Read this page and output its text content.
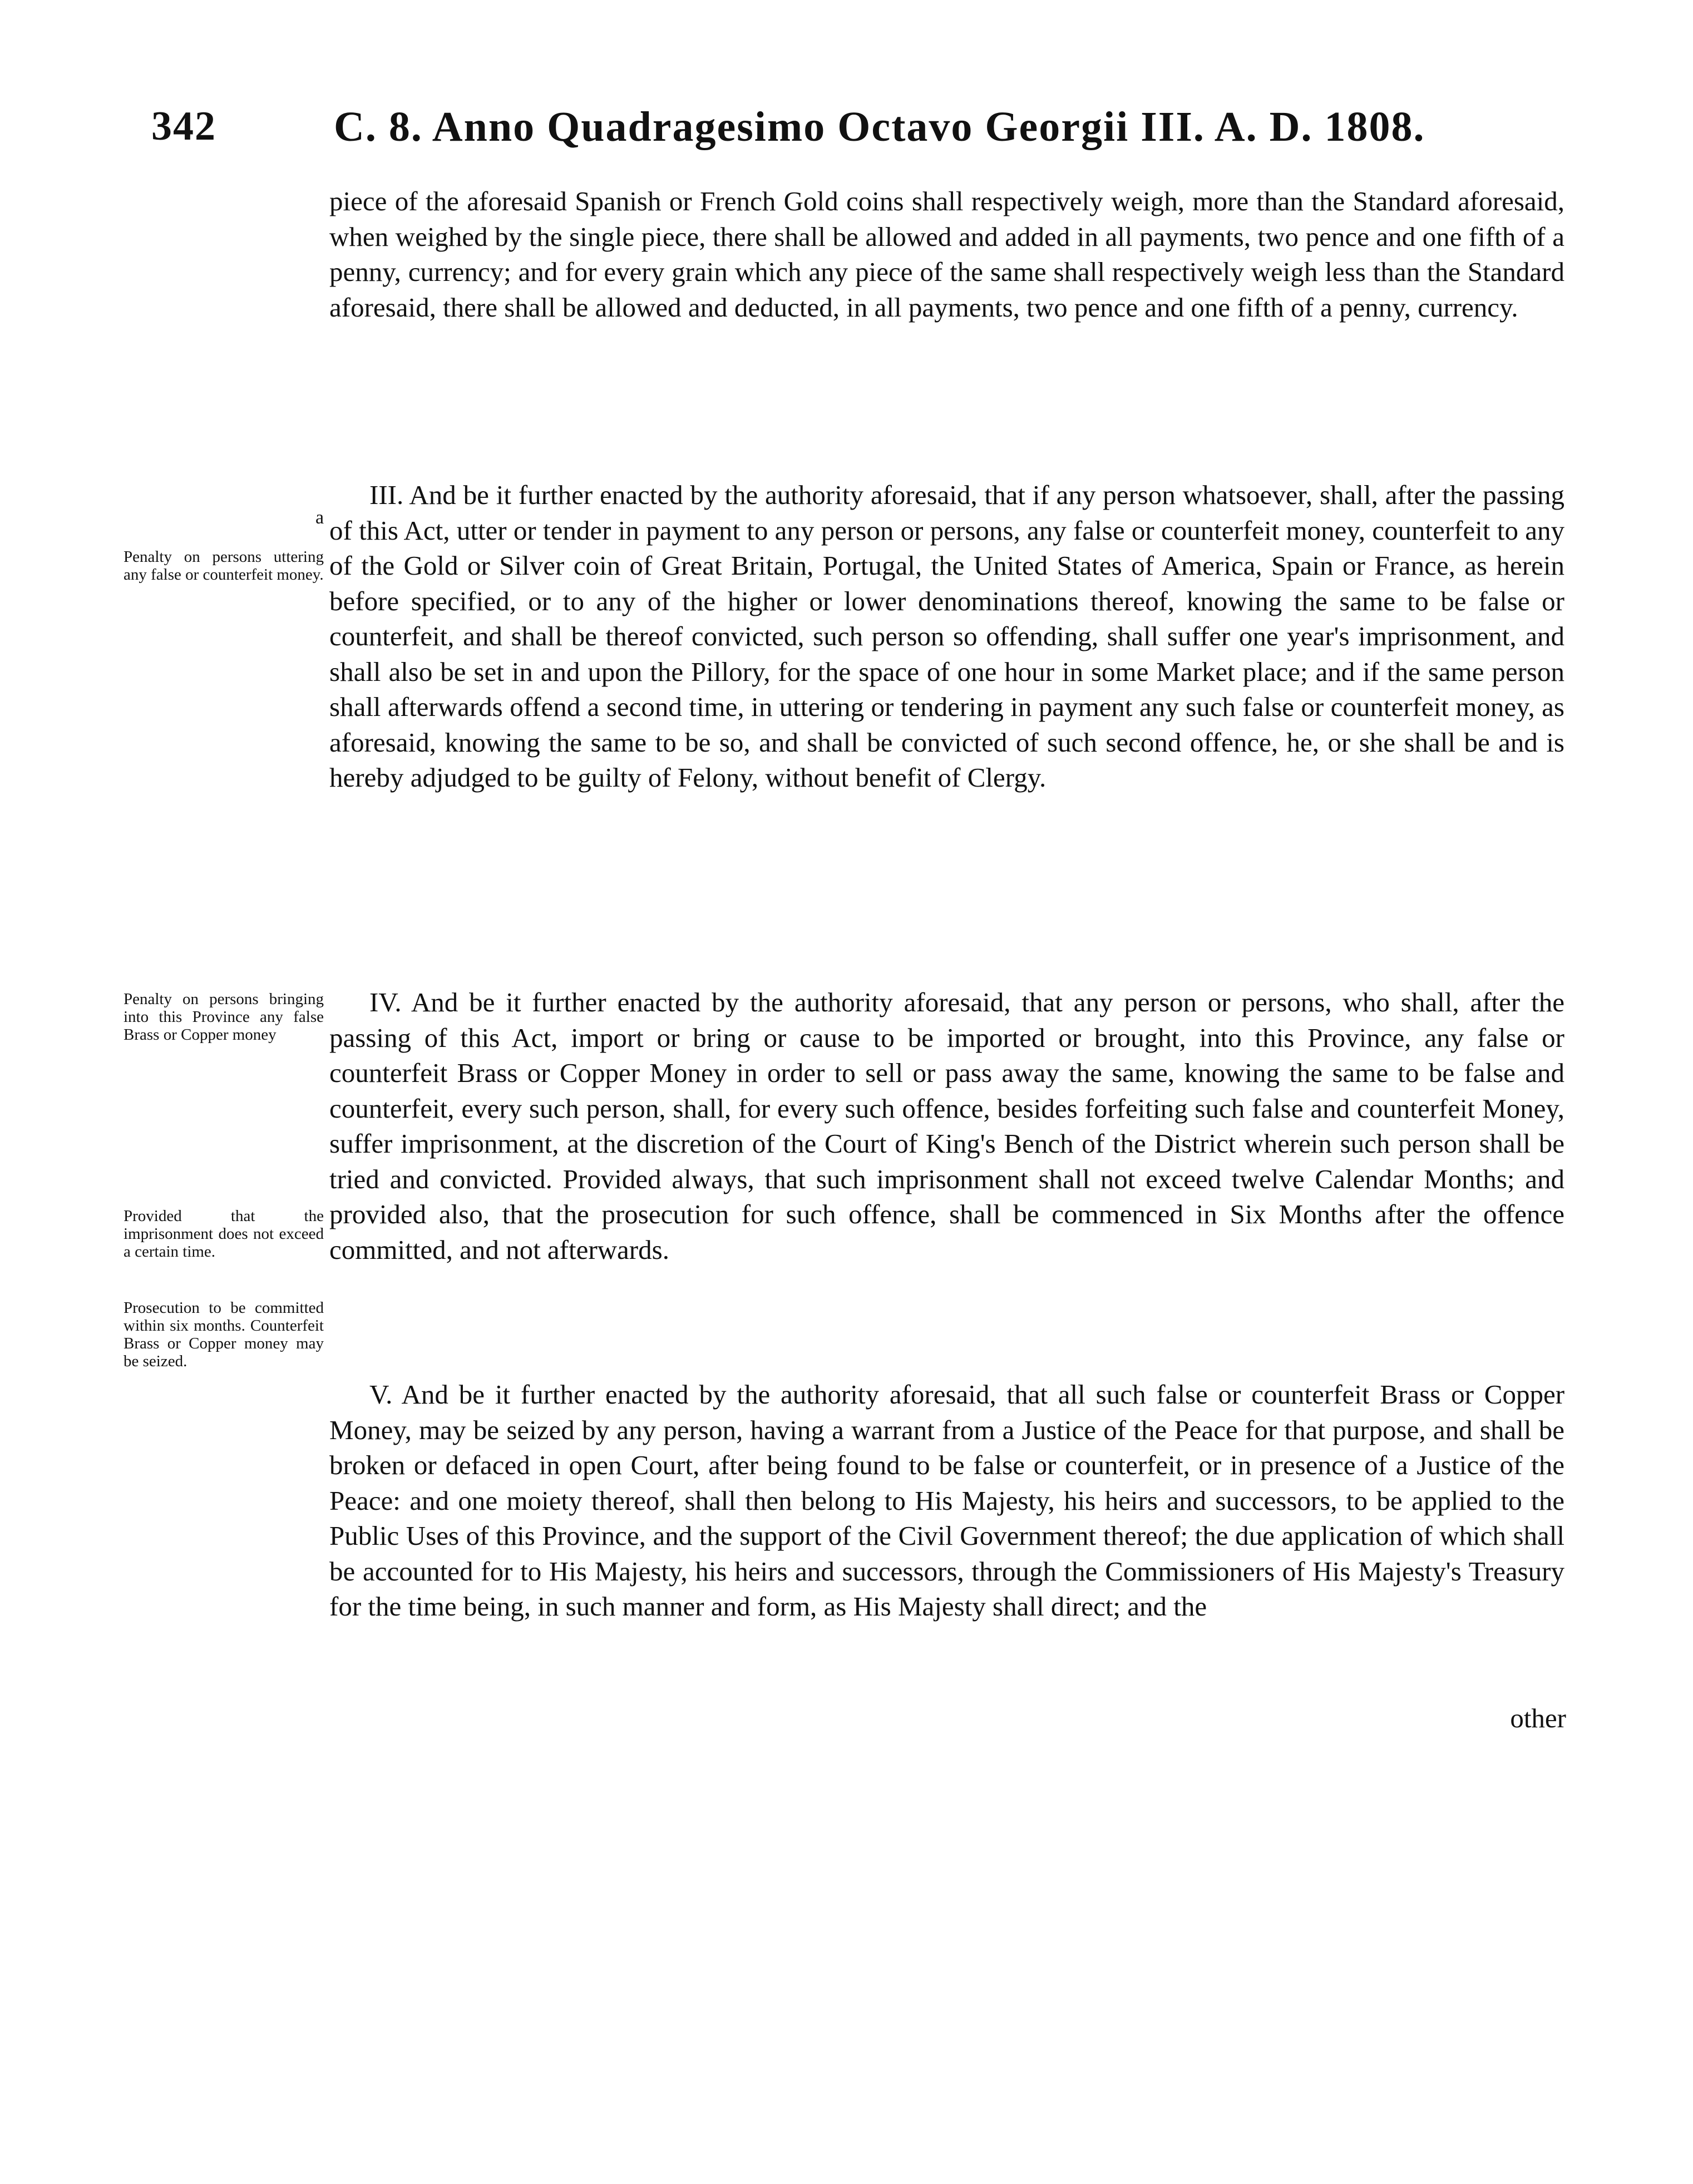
342	C. 8. Anno Quadragesimo Octavo Georgii III. A. D. 1808.

piece of the aforesaid Spanish or French Gold coins shall respectively weigh, more than the Standard aforesaid, when weighed by the single piece, there shall be allowed and added in all payments, two pence and one fifth of a penny, currency; and for every grain which any piece of the same shall respectively weigh less than the Standard aforesaid, there shall be allowed and deducted, in all payments, two pence and one fifth of a penny, currency.

III. And be it further enacted by the authority aforesaid, that if any person whatsoever, shall, after the passing of this Act, utter or tender in payment to any person or persons, any false or counterfeit money, counterfeit to any of the Gold or Silver coin of Great Britain, Portugal, the United States of America, Spain or France, as herein before specified, or to any of the higher or lower denominations thereof, knowing the same to be false or counterfeit, and shall be thereof convicted, such person so offending, shall suffer one year's imprisonment, and shall also be set in and upon the Pillory, for the space of one hour in some Market place; and if the same person shall afterwards offend a second time, in uttering or tendering in payment any such false or counterfeit money, as aforesaid, knowing the same to be so, and shall be convicted of such second offence, he, or she shall be and is hereby adjudged to be guilty of Felony, without benefit of Clergy.

IV. And be it further enacted by the authority aforesaid, that any person or persons, who shall, after the passing of this Act, import or bring or cause to be imported or brought, into this Province, any false or counterfeit Brass or Copper Money in order to sell or pass away the same, knowing the same to be false and counterfeit, every such person, shall, for every such offence, besides forfeiting such false and counterfeit Money, suffer imprisonment, at the discretion of the Court of King's Bench of the District wherein such person shall be tried and convicted. Provided always, that such imprisonment shall not exceed twelve Calendar Months; and provided also, that the prosecution for such offence, shall be commenced in Six Months after the offence committed, and not afterwards.

V. And be it further enacted by the authority aforesaid, that all such false or counterfeit Brass or Copper Money, may be seized by any person, having a warrant from a Justice of the Peace for that purpose, and shall be broken or defaced in open Court, after being found to be false or counterfeit, or in presence of a Justice of the Peace: and one moiety thereof, shall then belong to His Majesty, his heirs and successors, to be applied to the Public Uses of this Province, and the support of the Civil Government thereof; the due application of which shall be accounted for to His Majesty, his heirs and successors, through the Commissioners of His Majesty's Treasury for the time being, in such manner and form, as His Majesty shall direct; and the

other
a
Penalty on persons uttering any false or counterfeit money.
Penalty on persons bringing into this Province any false Brass or Copper money
Provided that the imprisonment does not exceed a certain time.
Prosecution to be committed within six months. Counterfeit Brass or Copper money may be seized.
